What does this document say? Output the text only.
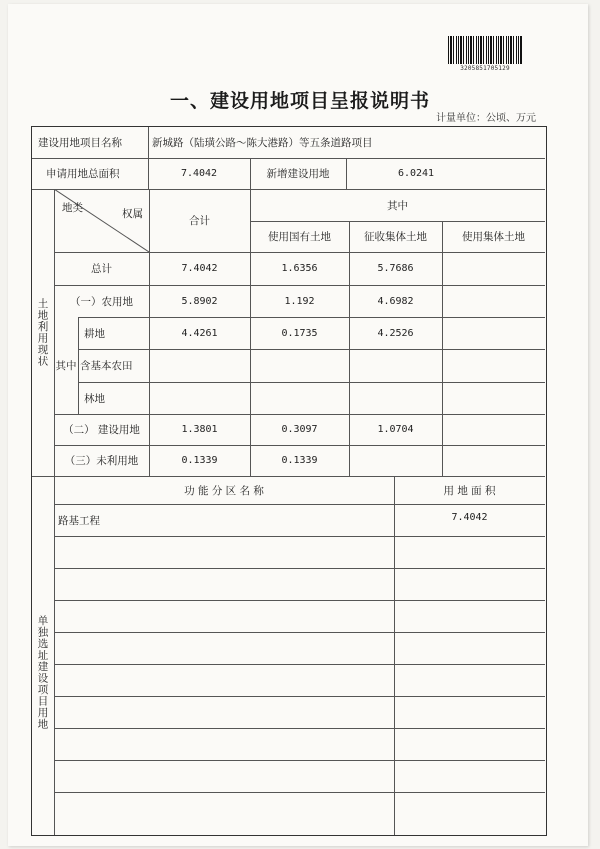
3205851705129
一、建设用地项目呈报说明书
计量单位：公顷、万元
建设用地项目名称	新城路（陆璜公路～陈大港路）等五条道路项目
申请用地总面积	7.4042	新增建设用地	6.0241
土地利用现状
地类	权属
合计
其中
使用国有土地	征收集体土地	使用集体土地
总计	7.4042	1.6356	5.7686
（一）农用地	5.8902	1.192	4.6982
其中
耕地	4.4261	0.1735	4.2526
含基本农田
林地
（二） 建设用地	1.3801	0.3097	1.0704
（三）未利用地	0.1339	0.1339
单独选址建设项目用地
功 能 分 区 名 称	用 地 面 积
路基工程	7.4042
